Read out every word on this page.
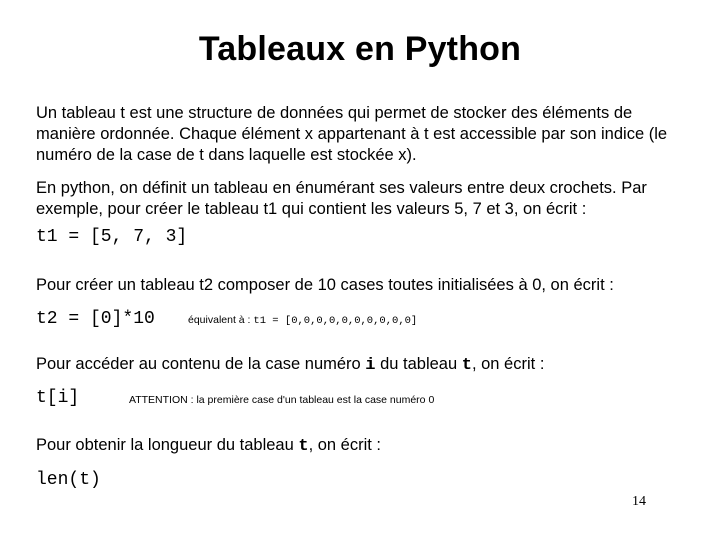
Tableaux en Python

Un tableau t est une structure de données qui permet de stocker des éléments de manière ordonnée. Chaque élément x appartenant à t est accessible par son indice (le numéro de la case de t dans laquelle est stockée x).

En python, on définit un tableau en énumérant ses valeurs entre deux crochets. Par exemple, pour créer le tableau t1 qui contient les valeurs 5, 7 et 3, on écrit :

t1 = [5, 7, 3]

Pour créer un tableau t2 composer de 10 cases toutes initialisées à 0, on écrit :

t2 = [0]*10	équivalent à : t1 = [0,0,0,0,0,0,0,0,0,0]

Pour accéder au contenu de la case numéro i du tableau t, on écrit :

t[i]	ATTENTION : la première case d'un tableau est la case numéro 0

Pour obtenir la longueur du tableau t, on écrit :

len(t)
14
